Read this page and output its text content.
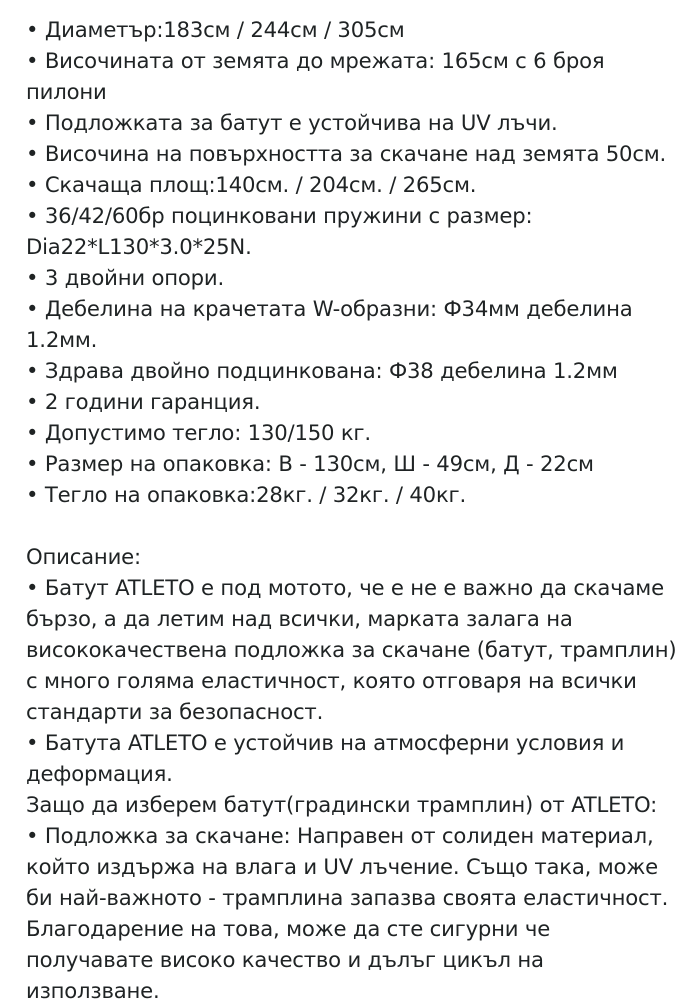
• Диаметър:183см / 244см / 305см
• Височината от земята до мрежата: 165см с 6 броя
пилони
• Подложката за батут е устойчива на UV лъчи.
• Височина на повърхността за скачане над земята 50см.
• Скачаща площ:140см. / 204см. / 265см.
• 36/42/60бр поцинковани пружини с размер:
Dia22*L130*3.0*25N.
• 3 двойни опори.
• Дебелина на крачетата W-образни: Ф34мм дебелина
1.2мм.
• Здрава двойно подцинкована: Ф38 дебелина 1.2мм
• 2 години гаранция.
• Допустимо тегло: 130/150 кг.
• Размер на опаковка: В - 130см, Ш - 49см, Д - 22см
• Тегло на опаковка:28кг. / 32кг. / 40кг.
Описание:
• Батут ATLETO е под мотото, че е не е важно да скачаме
бързо, а да летим над всички, марката залага на
висококачествена подложка за скачане (батут, трамплин)
с много голяма еластичност, която отговаря на всички
стандарти за безопасност.
• Батута ATLETO е устойчив на атмосферни условия и
деформация.
Защо да изберем батут(градински трамплин) от ATLETO:
• Подложка за скачане: Направен от солиден материал,
който издържа на влага и UV лъчение. Също така, може
би най-важното - трамплина запазва своята еластичност.
Благодарение на това, може да сте сигурни че
получавате високо качество и дълъг цикъл на
използване.
